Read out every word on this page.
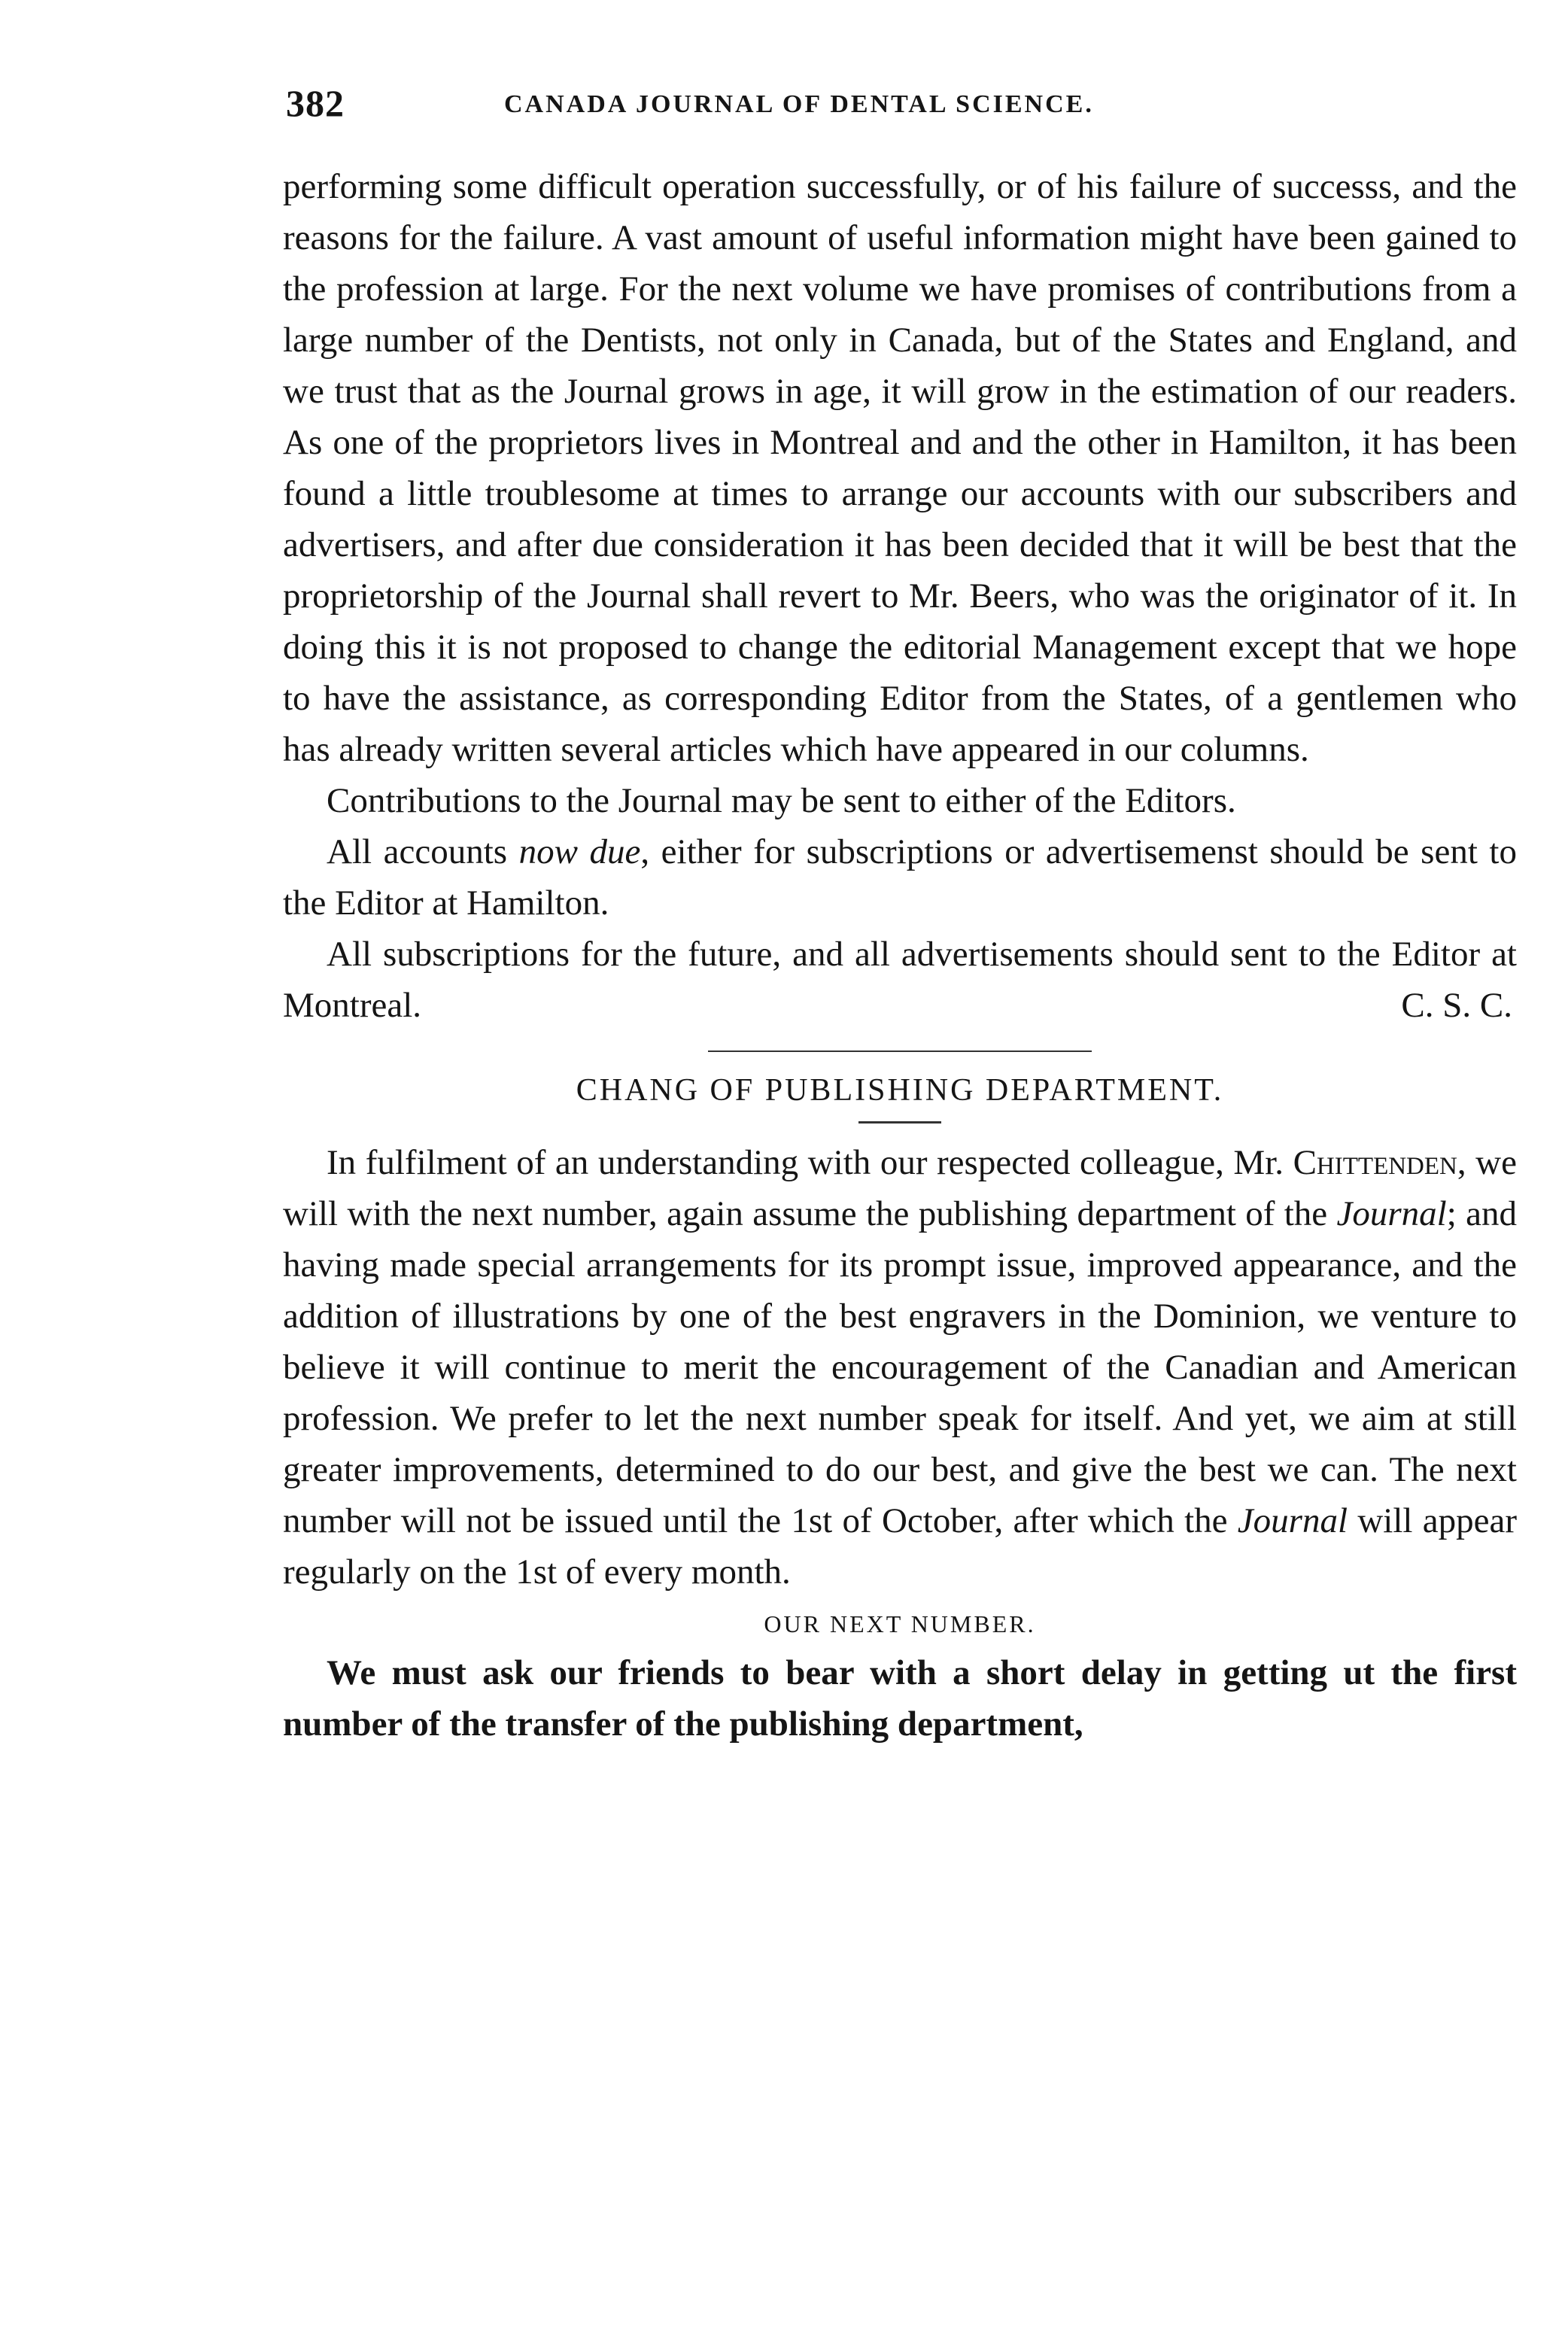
382	CANADA JOURNAL OF DENTAL SCIENCE.

performing some difficult operation successfully, or of his failure of successs, and the reasons for the failure. A vast amount of useful information might have been gained to the profession at large. For the next volume we have promises of contributions from a large number of the Dentists, not only in Canada, but of the States and England, and we trust that as the Journal grows in age, it will grow in the estimation of our readers. As one of the proprietors lives in Montreal and and the other in Hamilton, it has been found a little troublesome at times to arrange our accounts with our subscribers and advertisers, and after due consideration it has been decided that it will be best that the proprietorship of the Journal shall revert to Mr. Beers, who was the originator of it. In doing this it is not proposed to change the editorial Management except that we hope to have the assistance, as corresponding Editor from the States, of a gentlemen who has already written several articles which have appeared in our columns.

Contributions to the Journal may be sent to either of the Editors.

All accounts now due, either for subscriptions or advertisemenst should be sent to the Editor at Hamilton.

All subscriptions for the future, and all advertisements should sent to the Editor at Montreal.	C. S. C.

CHANG OF PUBLISHING DEPARTMENT.

In fulfilment of an understanding with our respected colleague, Mr. Chittenden, we will with the next number, again assume the publishing department of the Journal; and having made special arrangements for its prompt issue, improved appearance, and the addition of illustrations by one of the best engravers in the Dominion, we venture to believe it will continue to merit the encouragement of the Canadian and American profession. We prefer to let the next number speak for itself. And yet, we aim at still greater improvements, determined to do our best, and give the best we can. The next number will not be issued until the 1st of October, after which the Journal will appear regularly on the 1st of every month.

OUR NEXT NUMBER.

We must ask our friends to bear with a short delay in getting ut the first number of the transfer of the publishing department,
